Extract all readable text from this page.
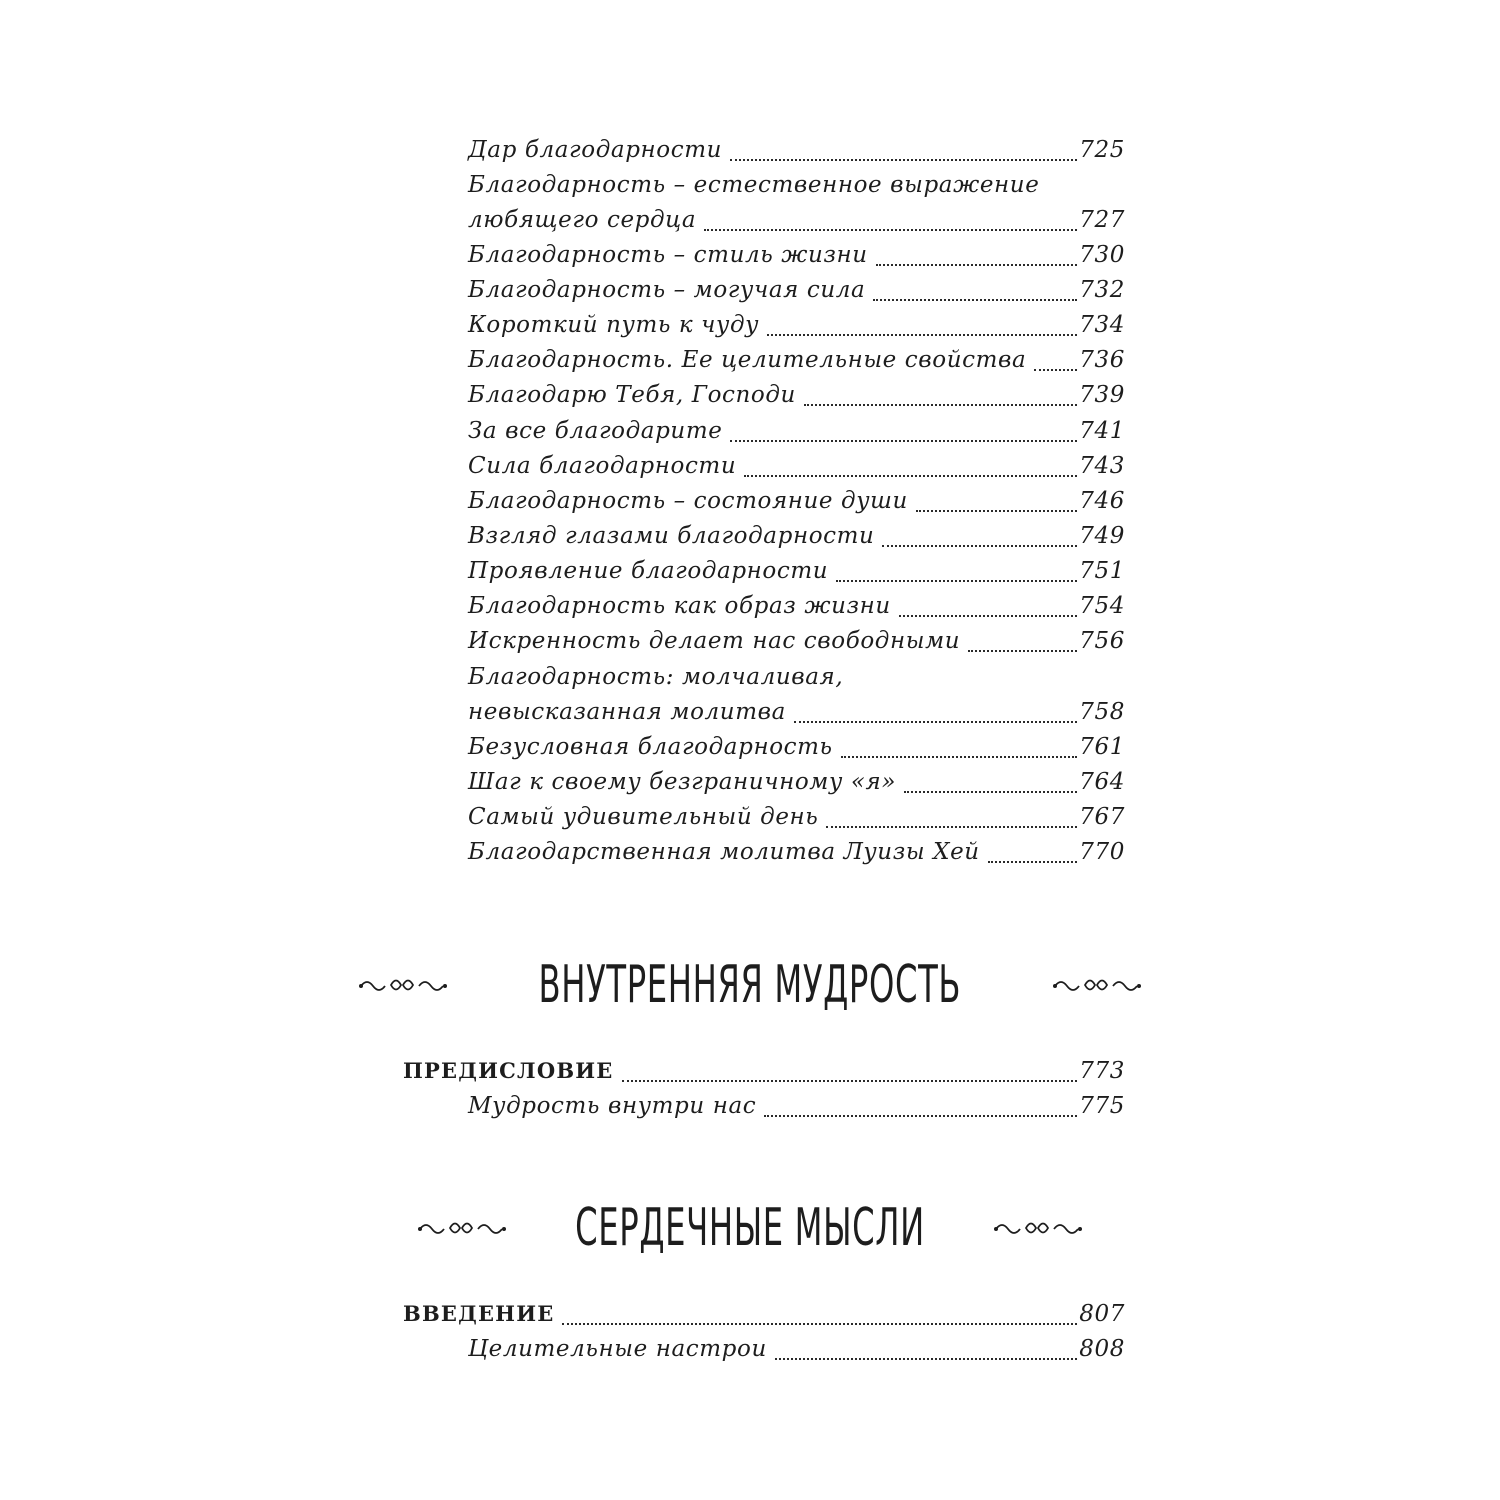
Дар благодарности	725
Благодарность – естественное выражение
любящего сердца	727
Благодарность – стиль жизни	730
Благодарность – могучая сила	732
Короткий путь к чуду	734
Благодарность. Ее целительные свойства 736
Благодарю Тебя, Господи	739
За все благодарите	741
Сила благодарности	743
Благодарность – состояние души	746
Взгляд глазами благодарности	749
Проявление благодарности	751
Благодарность как образ жизни	754
Искренность делает нас свободными	756
Благодарность: молчаливая,
невысказанная молитва	758
Безусловная благодарность	761
Шаг к своему безграничному «я»	764
Самый удивительный день	767
Благодарственная молитва Луизы Хей	770
ВНУТРЕННЯЯ МУДРОСТЬ
ПРЕДИСЛОВИЕ	773
Мудрость внутри нас	775
СЕРДЕЧНЫЕ МЫСЛИ
ВВЕДЕНИЕ	807
Целительные настрои	808
